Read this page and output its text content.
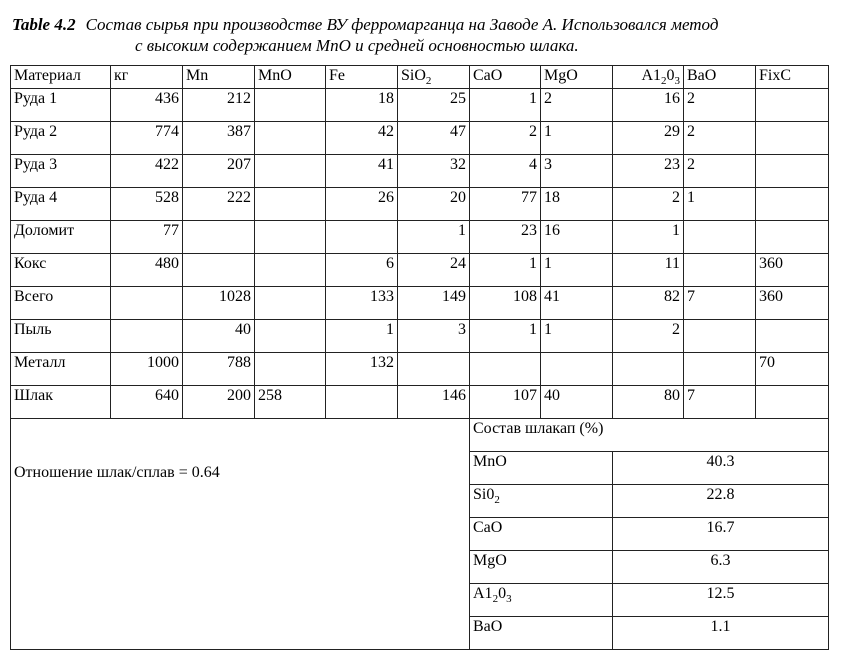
Table 4.2 Состав сырья при производстве ВУ ферромарганца на Заводе А. Использовался метод
с высоким содержанием MnO и средней основностью шлака.
Материал	кг	Mn	MnO	Fe	SiO$_2$	CaO	MgO	$A1_20_3$	BaO	FixC
Руда 1	436	212		18	25	1	2	16	2	
Руда 2	774	387		42	47	2	1	29	2	
Руда 3	422	207		41	32	4	3	23	2	
Руда 4	528	222		26	20	77	18	2	1	
Доломит	77				1	23	16	1		
Кокс	480			6	24	1	1	11		360
Всего		1028		133	149	108	41	82	7	360
Пыль		40		1	3	1	1	2		
Металл	1000	788		132						70
Шлак	640	200	258		146	107	40	80	7	
Отношение шлак/сплав = 0.64						Состав шлакап (%)				
						MnO		40.3		
						$Si0_2$		22.8		
						CaO		16.7		
						MgO		6.3		
						$A1_20_3$		12.5		
						BaO		1.1		
